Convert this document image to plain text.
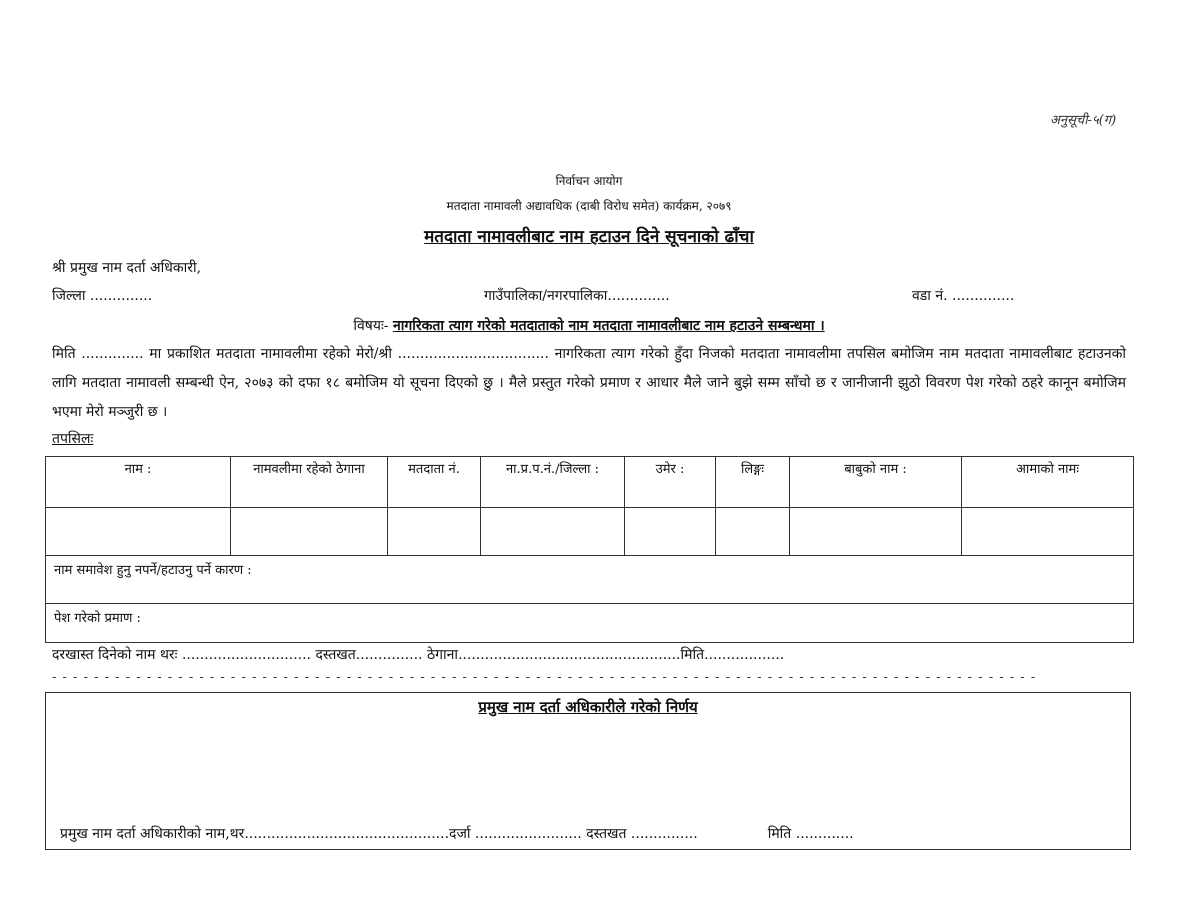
अनुसूची-५(ग)
निर्वाचन आयोग
मतदाता नामावली अद्यावधिक (दाबी विरोध समेत) कार्यक्रम, २०७९
मतदाता नामावलीबाट नाम हटाउन दिने सूचनाको ढाँचा
श्री प्रमुख नाम दर्ता अधिकारी,
जिल्ला ..............	गाउँपालिका/नगरपालिका..............	वडा नं. ..............
विषयः- नागरिकता त्याग गरेको मतदाताको नाम मतदाता नामावलीबाट नाम हटाउने सम्बन्धमा ।
मिति .............. मा प्रकाशित मतदाता नामावलीमा रहेको मेरो/श्री .................................. नागरिकता त्याग गरेको हुँदा निजको मतदाता नामावलीमा तपसिल बमोजिम नाम मतदाता नामावलीबाट हटाउनको लागि मतदाता नामावली सम्बन्धी ऐन, २०७३ को दफा १८ बमोजिम यो सूचना दिएको छु । मैले प्रस्तुत गरेको प्रमाण र आधार मैले जाने बुझे सम्म साँचो छ र जानीजानी झुठो विवरण पेश गरेको ठहरे कानून बमोजिम भएमा मेरो मञ्जुरी छ ।
तपसिलः
नाम :	नामवलीमा रहेको ठेगाना	मतदाता नं.	ना.प्र.प.नं./जिल्ला :	उमेर :	लिङ्गः	बाबुको नाम :	आमाको नामः

नाम समावेश हुनु नपर्ने/हटाउनु पर्ने कारण :							
पेश गरेको प्रमाण :							
दरखास्त दिनेको नाम थरः ............................. दस्तखत............... ठेगाना..................................................मिति..................
- - - - - - - - - - - - - - - - - - - - - - - - - - - - - - - - - - - - - - - - - - - - - - - - - - - - - - - - - - - - - - - - - - - - - - - - - - - - - - - - - - - - - - - - - - - - - -
प्रमुख नाम दर्ता अधिकारीले गरेको निर्णय
प्रमुख नाम दर्ता अधिकारीको नाम,थर..............................................दर्जा ........................ दस्तखत ...............	मिति .............
